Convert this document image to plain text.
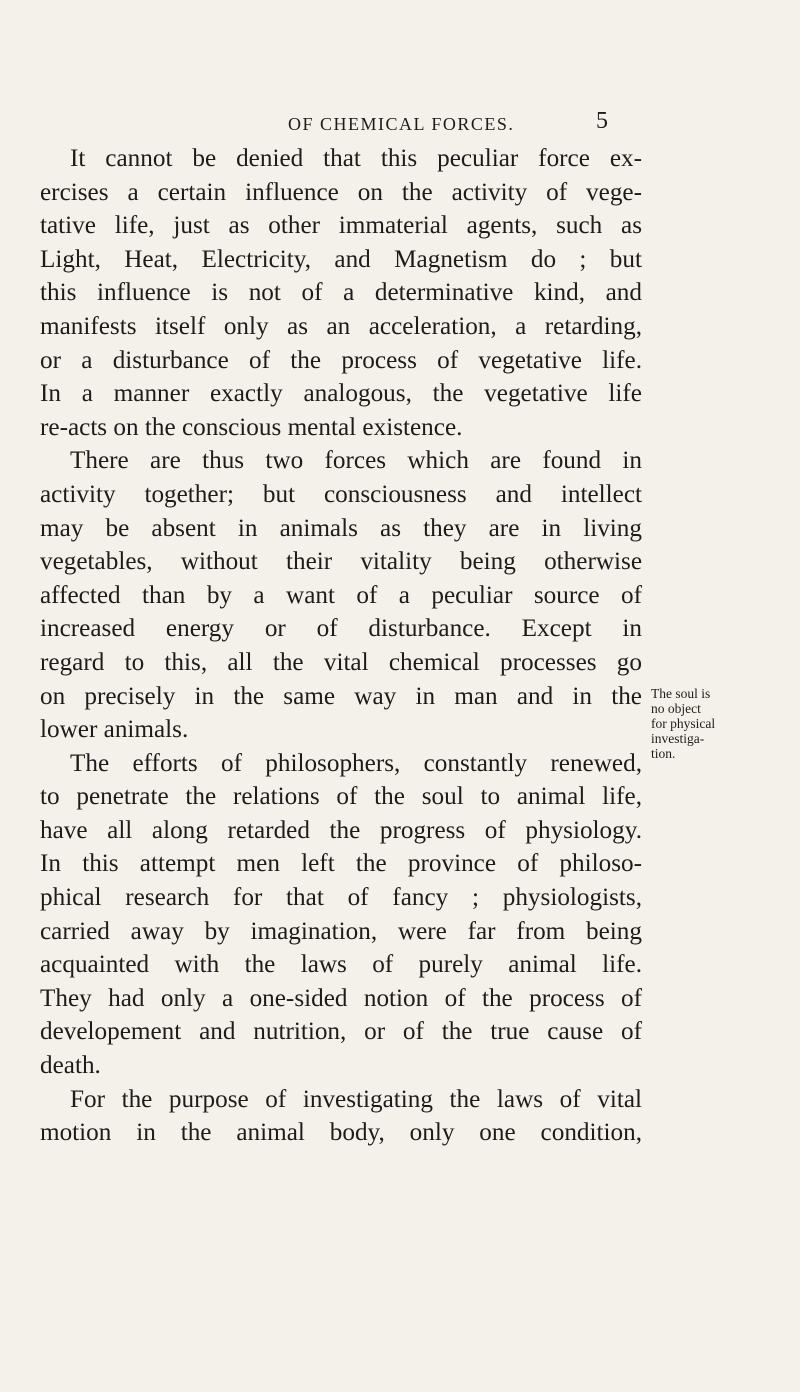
OF CHEMICAL FORCES.	5
It cannot be denied that this peculiar force ex-
ercises a certain influence on the activity of vege-
tative life, just as other immaterial agents, such as
Light, Heat, Electricity, and Magnetism do ; but
this influence is not of a determinative kind, and
manifests itself only as an acceleration, a retarding,
or a disturbance of the process of vegetative life.
In a manner exactly analogous, the vegetative life
re-acts on the conscious mental existence.
There are thus two forces which are found in
activity together; but consciousness and intellect
may be absent in animals as they are in living
vegetables, without their vitality being otherwise
affected than by a want of a peculiar source of
increased energy or of disturbance. Except in
regard to this, all the vital chemical processes go
on precisely in the same way in man and in the
lower animals.
The efforts of philosophers, constantly renewed,
to penetrate the relations of the soul to animal life,
have all along retarded the progress of physiology.
In this attempt men left the province of philoso-
phical research for that of fancy ; physiologists,
carried away by imagination, were far from being
acquainted with the laws of purely animal life.
They had only a one-sided notion of the process of
developement and nutrition, or of the true cause of
death.
For the purpose of investigating the laws of vital
motion in the animal body, only one condition,
The soul is
no object
for physical
investiga-
tion.
